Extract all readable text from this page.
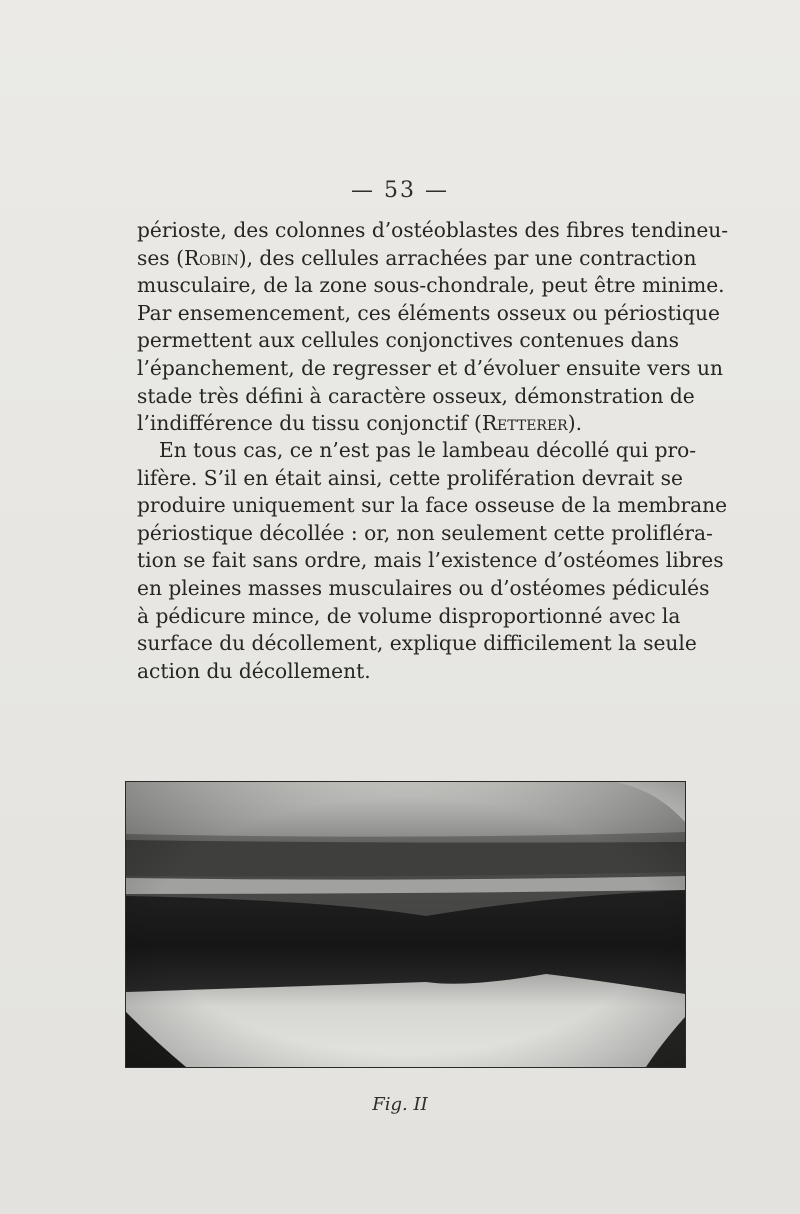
— 53 —

périoste, des colonnes d’ostéoblastes des fibres tendineu-
ses (Robin), des cellules arrachées par une contraction
musculaire, de la zone sous-chondrale, peut être minime.
Par ensemencement, ces éléments osseux ou périostique
permettent aux cellules conjonctives contenues dans
l’épanchement, de regresser et d’évoluer ensuite vers un
stade très défini à caractère osseux, démonstration de
l’indifférence du tissu conjonctif (Retterer).

En tous cas, ce n’est pas le lambeau décollé qui pro-
lifère. S’il en était ainsi, cette prolifération devrait se
produire uniquement sur la face osseuse de la membrane
périostique décollée : or, non seulement cette prolifléra-
tion se fait sans ordre, mais l’existence d’ostéomes libres
en pleines masses musculaires ou d’ostéomes pédiculés
à pédicure mince, de volume disproportionné avec la
surface du décollement, explique difficilement la seule
action du décollement.

Fig. II
